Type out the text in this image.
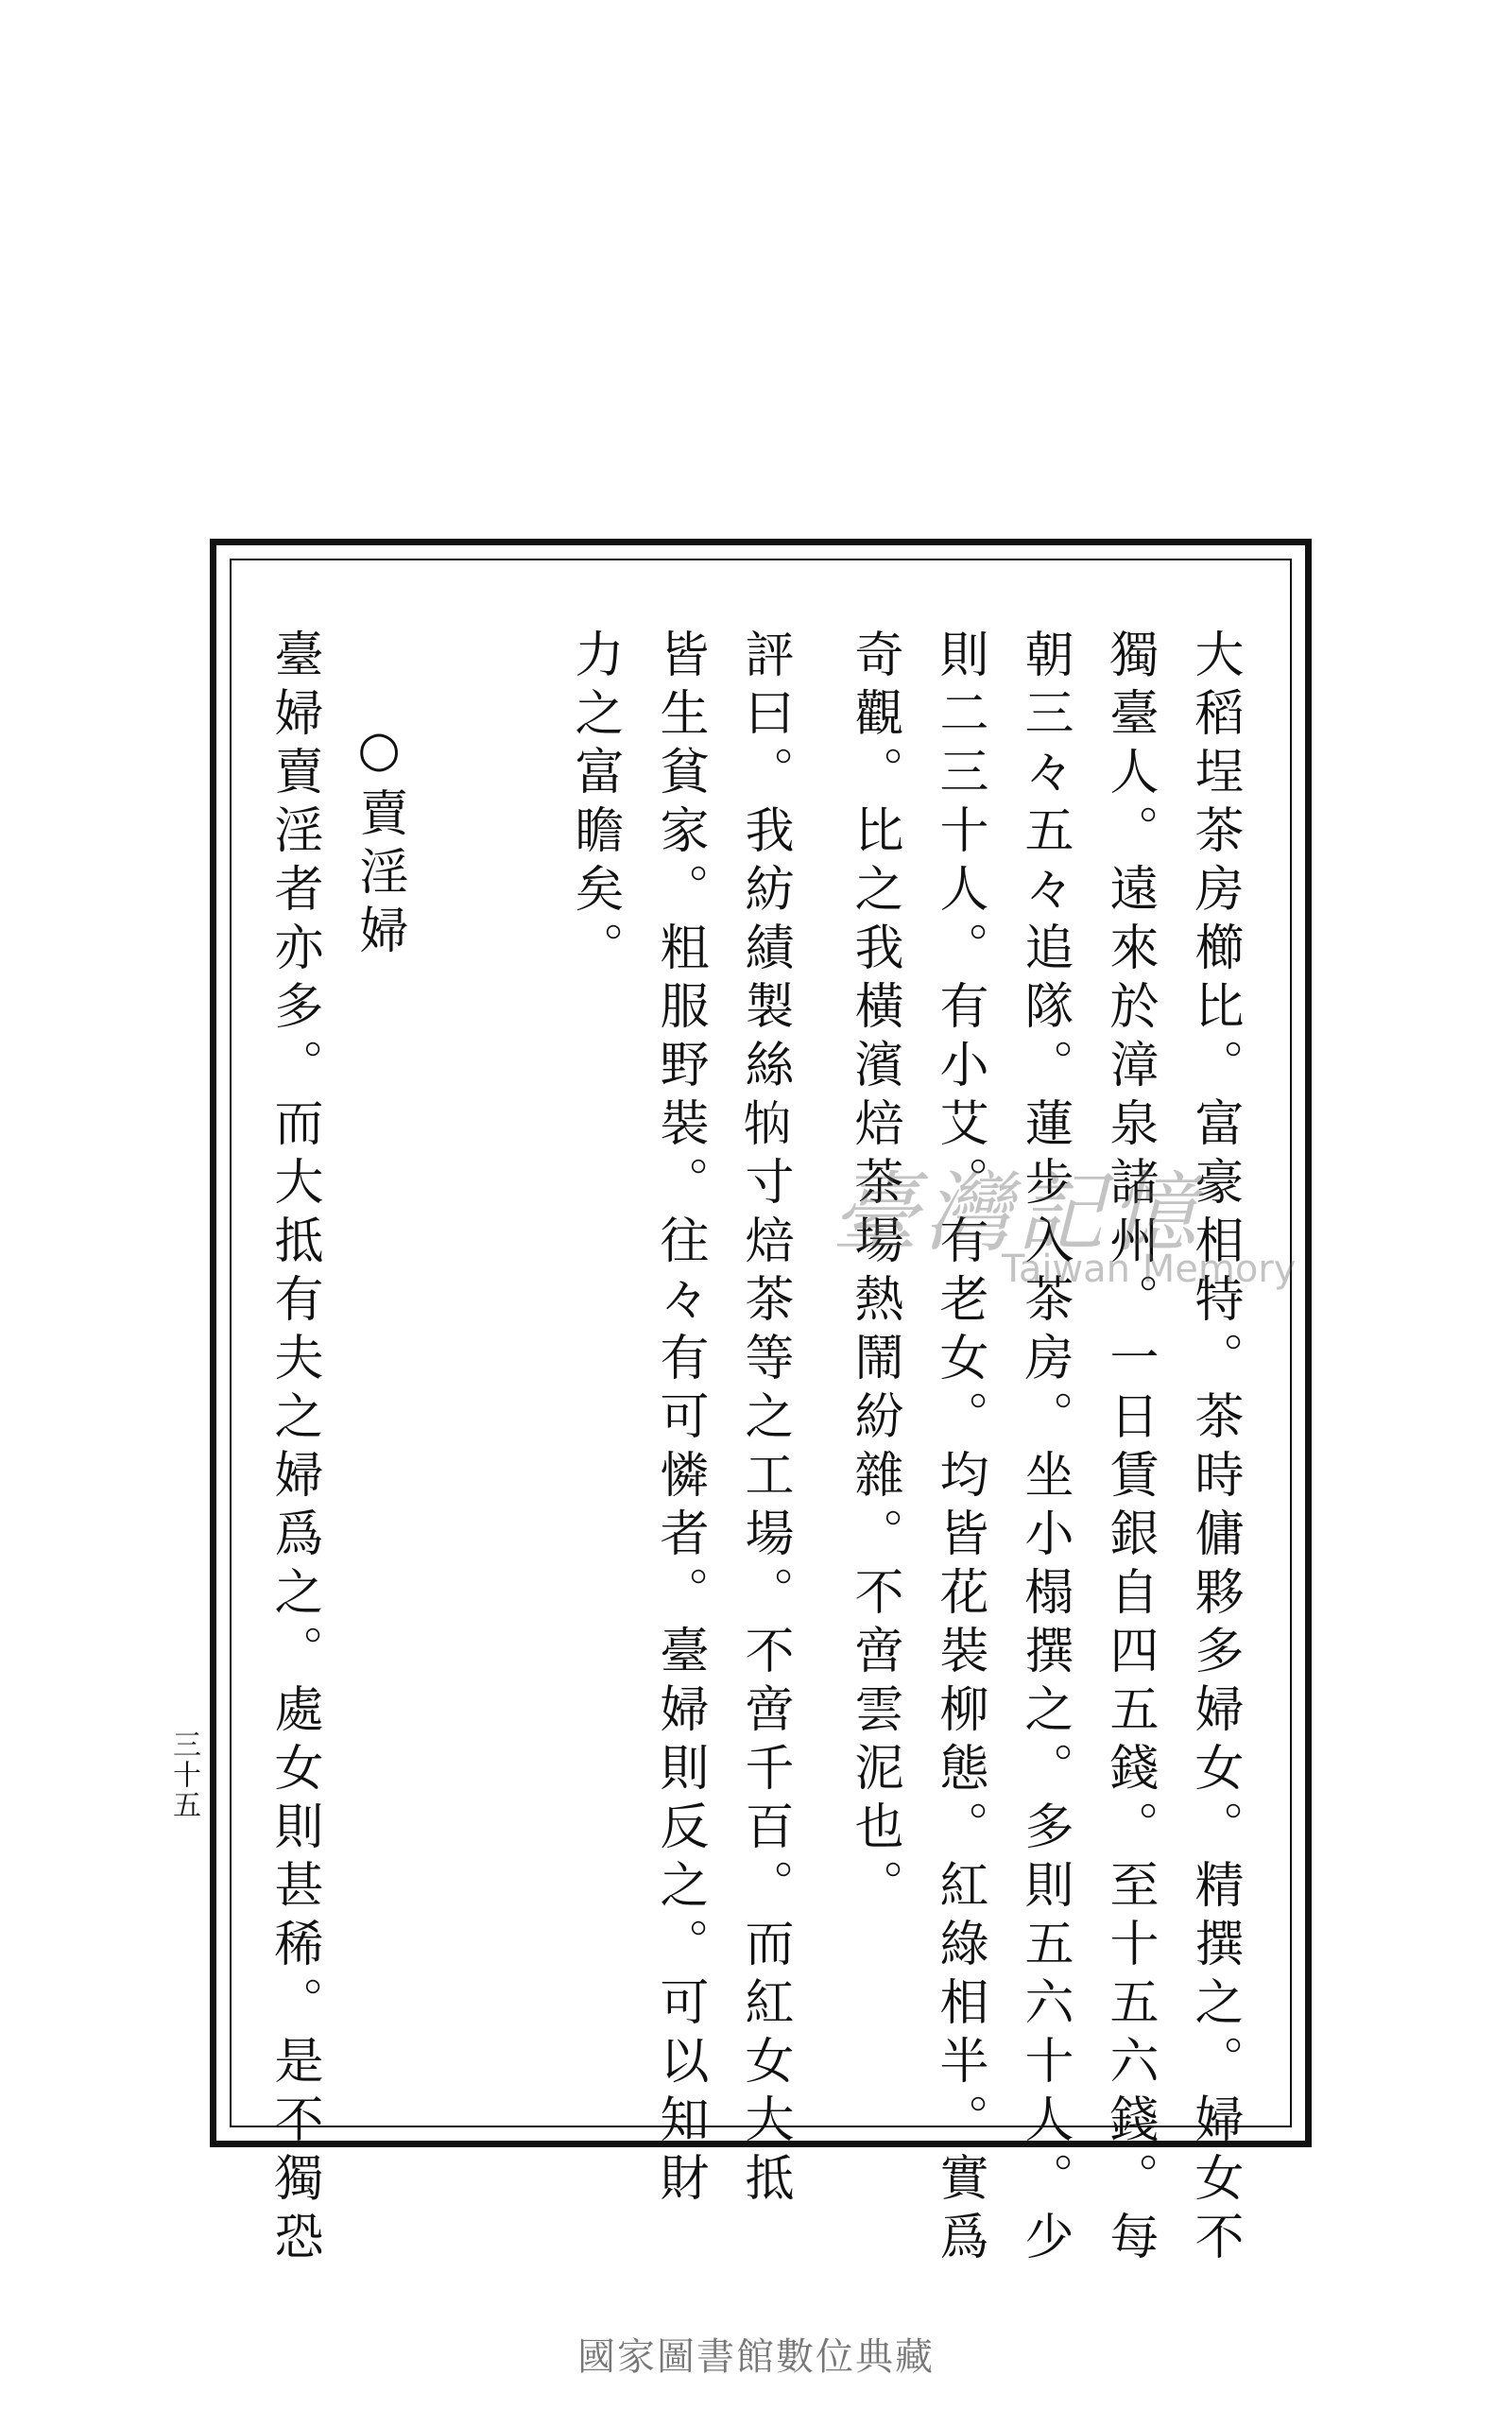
大稻埕茶房櫛比。富豪相特。茶時傭夥多婦女。精撰之。婦女不
獨臺人。遠來於漳泉諸州。一日賃銀自四五錢。至十五六錢。每
朝三々五々追隊。蓮步入茶房。坐小榻撰之。多則五六十人。少
則二三十人。有小艾。有老女。均皆花裝柳態。紅綠相半。實爲
奇觀。比之我橫濱焙茶場熱鬧紛雜。不啻雲泥也。
評曰。我紡績製絲𤘻寸焙茶等之工場。不啻千百。而紅女大抵
皆生貧家。粗服野裝。往々有可憐者。臺婦則反之。可以知財
力之富瞻矣。
○賣淫婦
臺婦賣淫者亦多。而大抵有夫之婦爲之。處女則甚稀。是不獨恐
三十五
臺灣記憶
Taiwan Memory
國家圖書館數位典藏
